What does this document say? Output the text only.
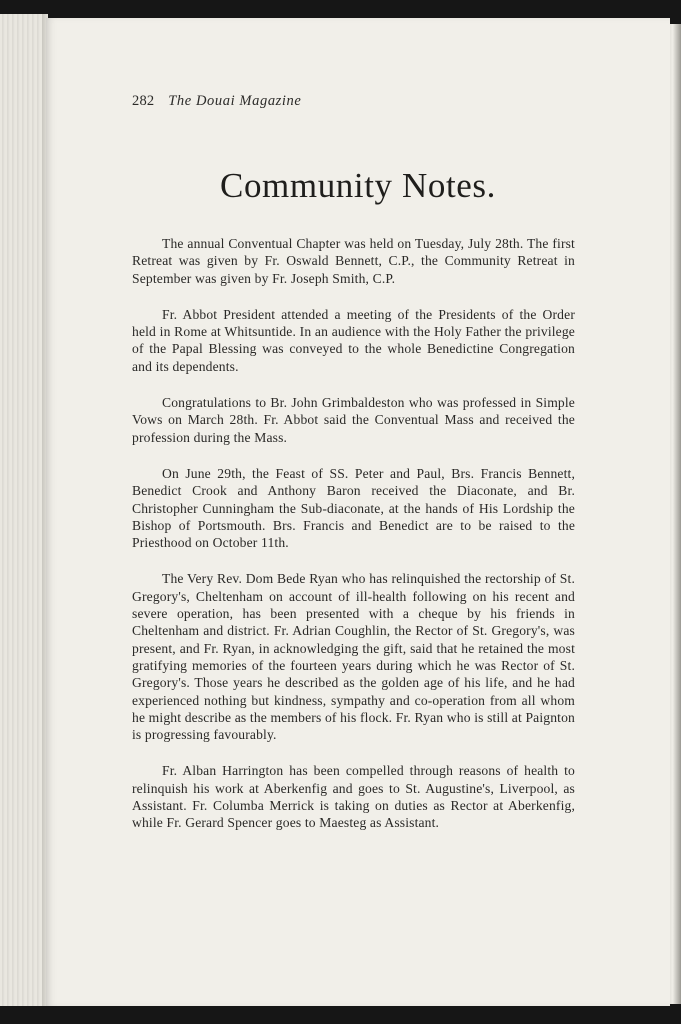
282 The Douai Magazine
Community Notes.

The annual Conventual Chapter was held on Tuesday, July 28th. The first Retreat was given by Fr. Oswald Bennett, C.P., the Community Retreat in September was given by Fr. Joseph Smith, C.P.

Fr. Abbot President attended a meeting of the Presidents of the Order held in Rome at Whitsuntide. In an audience with the Holy Father the privilege of the Papal Blessing was conveyed to the whole Benedictine Congregation and its dependents.

Congratulations to Br. John Grimbaldeston who was professed in Simple Vows on March 28th. Fr. Abbot said the Conventual Mass and received the profession during the Mass.

On June 29th, the Feast of SS. Peter and Paul, Brs. Francis Bennett, Benedict Crook and Anthony Baron received the Diaconate, and Br. Christopher Cunningham the Sub-diaconate, at the hands of His Lordship the Bishop of Portsmouth. Brs. Francis and Benedict are to be raised to the Priesthood on October 11th.

The Very Rev. Dom Bede Ryan who has relinquished the rectorship of St. Gregory's, Cheltenham on account of ill-health following on his recent and severe operation, has been presented with a cheque by his friends in Cheltenham and district. Fr. Adrian Coughlin, the Rector of St. Gregory's, was present, and Fr. Ryan, in acknowledging the gift, said that he retained the most gratifying memories of the fourteen years during which he was Rector of St. Gregory's. Those years he described as the golden age of his life, and he had experienced nothing but kindness, sympathy and co-operation from all whom he might describe as the members of his flock. Fr. Ryan who is still at Paignton is progressing favourably.

Fr. Alban Harrington has been compelled through reasons of health to relinquish his work at Aberkenfig and goes to St. Augustine's, Liverpool, as Assistant. Fr. Columba Merrick is taking on duties as Rector at Aberkenfig, while Fr. Gerard Spencer goes to Maesteg as Assistant.
